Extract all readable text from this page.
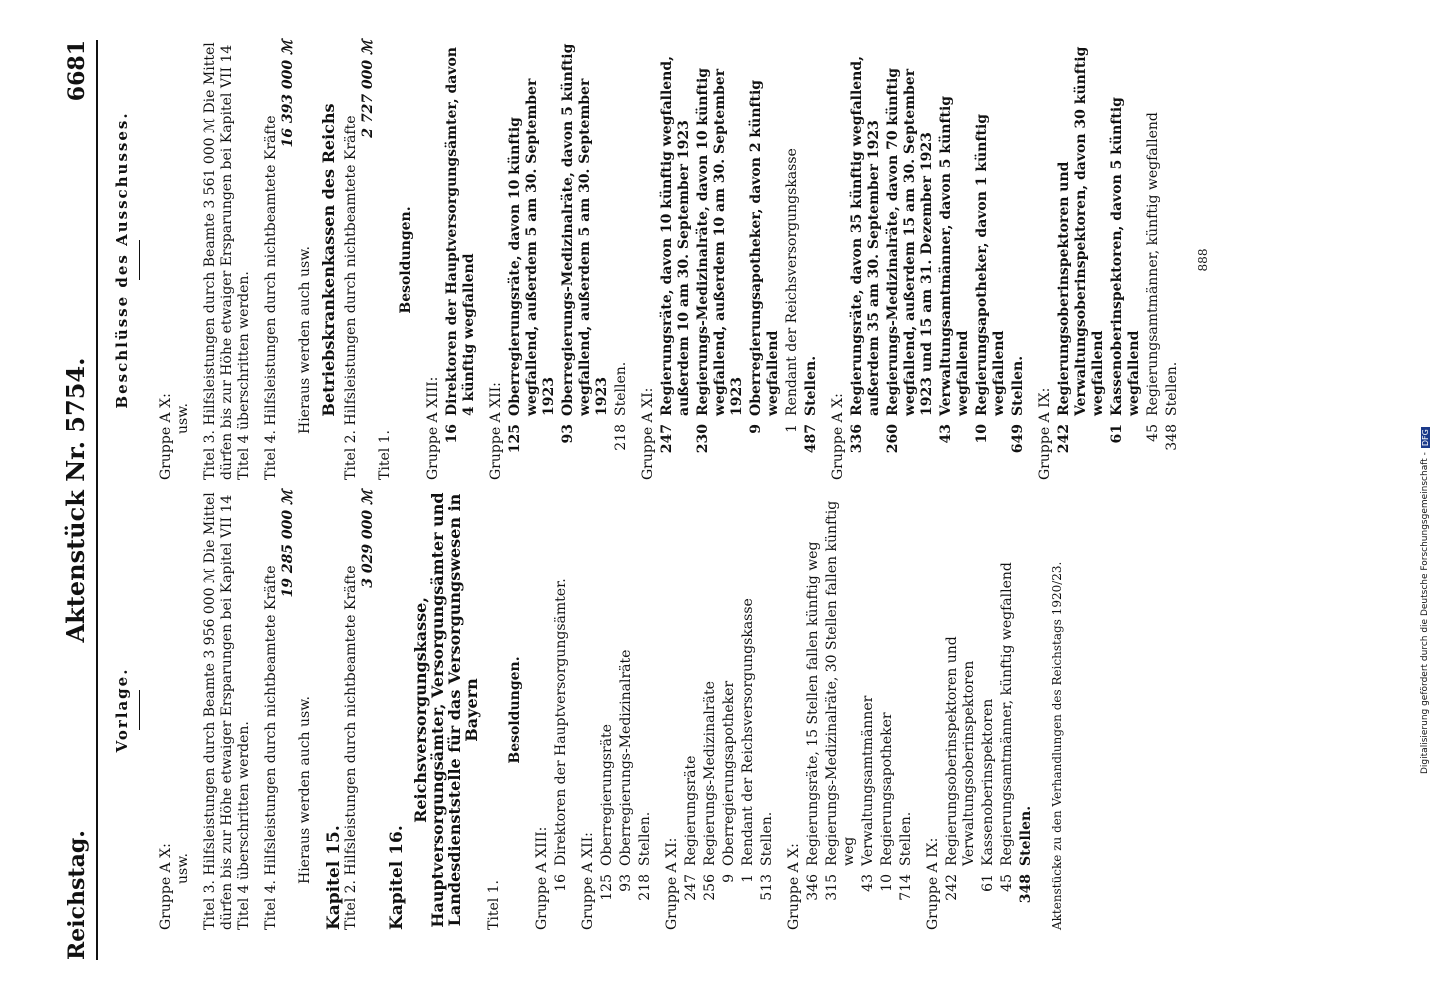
Reichstag.
Aktenstück Nr. 5754.
6681
Vorlage.
Gruppe A X: usw. Titel 3. Hilfsleistungen durch Beamte 3 956 000 ℳ Die Mittel dürfen bis zur Höhe etwaiger Ersparungen bei Kapitel VII 14 Titel 4 überschritten werden. Titel 4. Hilfsleistungen durch nichtbeamtete Kräfte
19 285 000 ℳ
Hieraus werden auch usw. Kapitel 15. Titel 2. Hilfsleistungen durch nichtbeamtete Kräfte
3 029 000 ℳ
Kapitel 16.
Reichsversorgungskasse, Hauptversorgungsämter, Versorgungsämter und Landesdienststelle für das Versorgungswesen in Bayern
Titel 1.
Besoldungen.
Gruppe A XIII: 16
Direktoren der Hauptversorgungsämter.
Gruppe A XII: 125
Oberregierungsräte
93
Oberregierungs-Medizinalräte
218
Stellen. Gruppe A XI: 247
Regierungsräte
256
Regierungs-Medizinalräte
9
Oberregierungsapotheker
1
Rendant der Reichsversorgungskasse
513
Stellen.
Gruppe A X: 346
Regierungsräte, 15 Stellen fallen künftig weg
315
Regierungs-Medizinalräte, 30 Stellen fallen künftig weg
43
Verwaltungsamtmänner
10
Regierungsapotheker
714
Stellen. Gruppe A IX: 242
Regierungsoberinspektoren und Verwaltungsoberinspektoren
61
Kassenoberinspektoren
45
Regierungsamtmänner, künftig wegfallend
348
Stellen. Aktenstücke zu den Verhandlungen des Reichstags 1920/23.
Beschlüsse des Ausschusses.
Gruppe A X: usw. Titel 3. Hilfsleistungen durch Beamte 3 561 000 ℳ Die Mittel dürfen bis zur Höhe etwaiger Ersparungen bei Kapitel VII 14 Titel 4 überschritten werden. Titel 4. Hilfsleistungen durch nichtbeamtete Kräfte
16 393 000 ℳ
Hieraus werden auch usw. Betriebskrankenkassen des Reichs Titel 2. Hilfsleistungen durch nichtbeamtete Kräfte
2 727 000 ℳ
Titel 1.
Besoldungen.
Gruppe A XIII: 16
Direktoren der Hauptversorgungsämter, davon 4 künftig wegfallend
Gruppe A XII: 125
Oberregierungsräte, davon 10 künftig wegfallend, außerdem 5 am 30. September 1923
93
Oberregierungs-Medizinalräte, davon 5 künftig wegfallend, außerdem 5 am 30. September 1923
218
Stellen. Gruppe A XI: 247
Regierungsräte, davon 10 künftig wegfallend, außerdem 10 am 30. September 1923
230
Regierungs-Medizinalräte, davon 10 künftig wegfallend, außerdem 10 am 30. September 1923
9
Oberregierungsapotheker, davon 2 künftig wegfallend
1
Rendant der Reichsversorgungskasse
487
Stellen.
Gruppe A X: 336
Regierungsräte, davon 35 künftig wegfallend, außerdem 35 am 30. September 1923
260
Regierungs-Medizinalräte, davon 70 künftig wegfallend, außerdem 15 am 30. September 1923 und 15 am 31. Dezember 1923
43
Verwaltungsamtmänner, davon 5 künftig wegfallend
10
Regierungsapotheker, davon 1 künftig wegfallend
649
Stellen.
Gruppe A IX: 242
Regierungsoberinspektoren und Verwaltungsoberinspektoren, davon 30 künftig wegfallend
61
Kassenoberinspektoren, davon 5 künftig wegfallend
45
Regierungsamtmänner, künftig wegfallend
348
Stellen.
888
Digitalisierung gefördert durch die Deutsche Forschungsgemeinschaft -
DFG
